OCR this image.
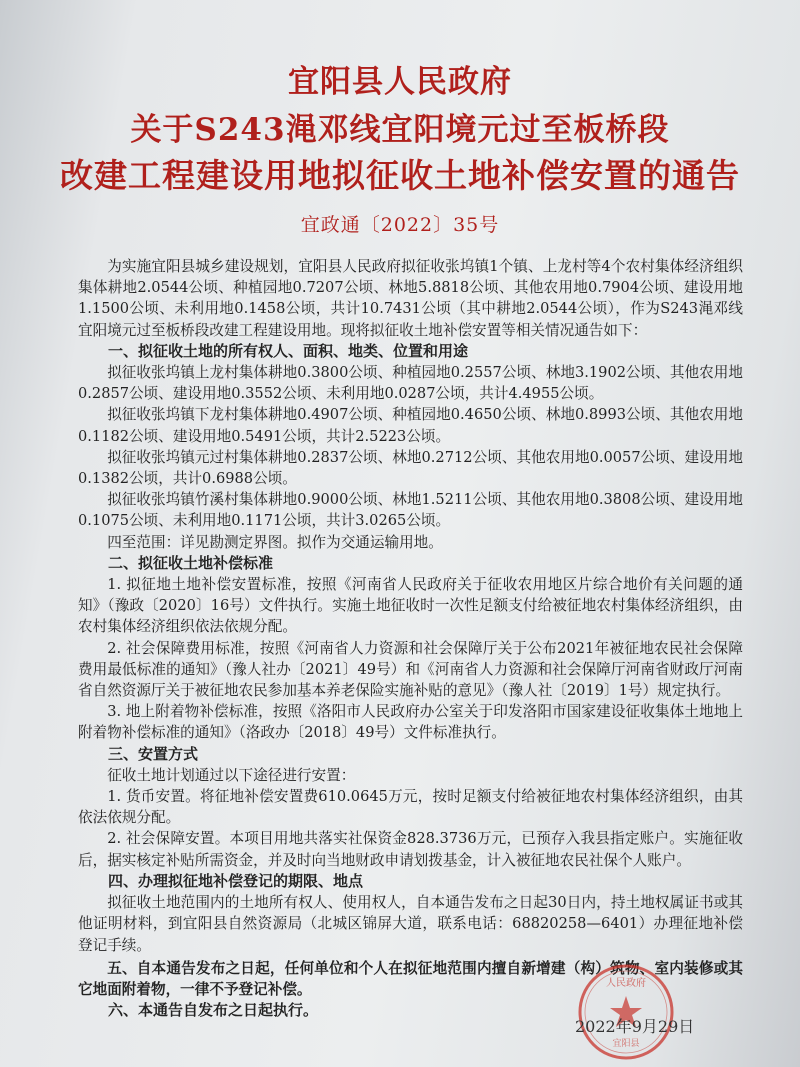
宜阳县人民政府
关于S243渑邓线宜阳境元过至板桥段
改建工程建设用地拟征收土地补偿安置的通告
宜政通〔2022〕35号

为实施宜阳县城乡建设规划，宜阳县人民政府拟征收张坞镇1个镇、上龙村等4个农村集体经济组织集体耕地2.0544公顷、种植园地0.7207公顷、林地5.8818公顷、其他农用地0.7904公顷、建设用地1.1500公顷、未利用地0.1458公顷，共计10.7431公顷（其中耕地2.0544公顷），作为S243渑邓线宜阳境元过至板桥段改建工程建设用地。现将拟征收土地补偿安置等相关情况通告如下：

一、拟征收土地的所有权人、面积、地类、位置和用途

拟征收张坞镇上龙村集体耕地0.3800公顷、种植园地0.2557公顷、林地3.1902公顷、其他农用地0.2857公顷、建设用地0.3552公顷、未利用地0.0287公顷，共计4.4955公顷。

拟征收张坞镇下龙村集体耕地0.4907公顷、种植园地0.4650公顷、林地0.8993公顷、其他农用地0.1182公顷、建设用地0.5491公顷，共计2.5223公顷。

拟征收张坞镇元过村集体耕地0.2837公顷、林地0.2712公顷、其他农用地0.0057公顷、建设用地0.1382公顷，共计0.6988公顷。

拟征收张坞镇竹溪村集体耕地0.9000公顷、林地1.5211公顷、其他农用地0.3808公顷、建设用地0.1075公顷、未利用地0.1171公顷，共计3.0265公顷。

四至范围：详见勘测定界图。拟作为交通运输用地。

二、拟征收土地补偿标准

1. 拟征地土地补偿安置标准，按照《河南省人民政府关于征收农用地区片综合地价有关问题的通知》（豫政〔2020〕16号）文件执行。实施土地征收时一次性足额支付给被征地农村集体经济组织，由农村集体经济组织依法依规分配。

2. 社会保障费用标准，按照《河南省人力资源和社会保障厅关于公布2021年被征地农民社会保障费用最低标准的通知》（豫人社办〔2021〕49号）和《河南省人力资源和社会保障厅河南省财政厅河南省自然资源厅关于被征地农民参加基本养老保险实施补贴的意见》（豫人社〔2019〕1号）规定执行。

3. 地上附着物补偿标准，按照《洛阳市人民政府办公室关于印发洛阳市国家建设征收集体土地地上附着物补偿标准的通知》（洛政办〔2018〕49号）文件标准执行。

三、安置方式

征收土地计划通过以下途径进行安置：

1. 货币安置。将征地补偿安置费610.0645万元，按时足额支付给被征地农村集体经济组织，由其依法依规分配。

2. 社会保障安置。本项目用地共落实社保资金828.3736万元，已预存入我县指定账户。实施征收后，据实核定补贴所需资金，并及时向当地财政申请划拨基金，计入被征地农民社保个人账户。

四、办理拟征地补偿登记的期限、地点

拟征收土地范围内的土地所有权人、使用权人，自本通告发布之日起30日内，持土地权属证书或其他证明材料，到宜阳县自然资源局（北城区锦屏大道，联系电话：68820258—6401）办理征地补偿登记手续。

五、自本通告发布之日起，任何单位和个人在拟征地范围内擅自新增建（构）筑物、室内装修或其它地面附着物，一律不予登记补偿。

六、本通告自发布之日起执行。

人民政府
宜阳县
2022年9月29日
